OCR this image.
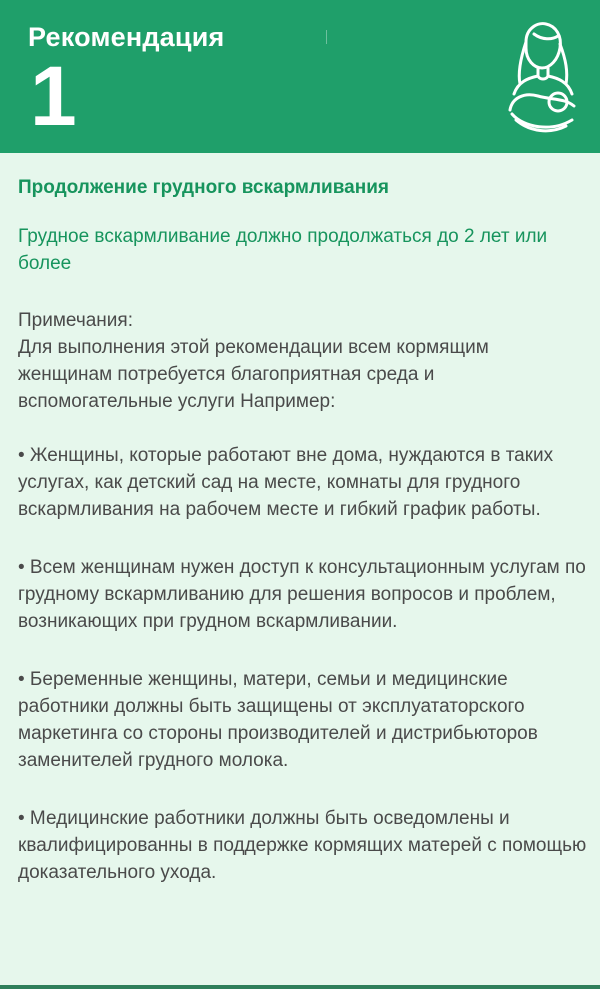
Рекомендация
1

Продолжение грудного вскармливания

Грудное вскармливание должно продолжаться до 2 лет или более

Примечания:

Для выполнения этой рекомендации всем кормящим женщинам потребуется благоприятная среда и вспомогательные услуги Например:

• Женщины, которые работают вне дома, нуждаются в таких услугах, как детский сад на месте, комнаты для грудного вскармливания на рабочем месте и гибкий график работы.

• Всем женщинам нужен доступ к консультационным услугам по грудному вскармливанию для решения вопросов и проблем, возникающих при грудном вскармливании.

• Беременные женщины, матери, семьи и медицинские работники должны быть защищены от эксплуататорского маркетинга со стороны производителей и дистрибьюторов заменителей грудного молока.

• Медицинские работники должны быть осведомлены и квалифицированны в поддержке кормящих матерей с помощью доказательного ухода.
